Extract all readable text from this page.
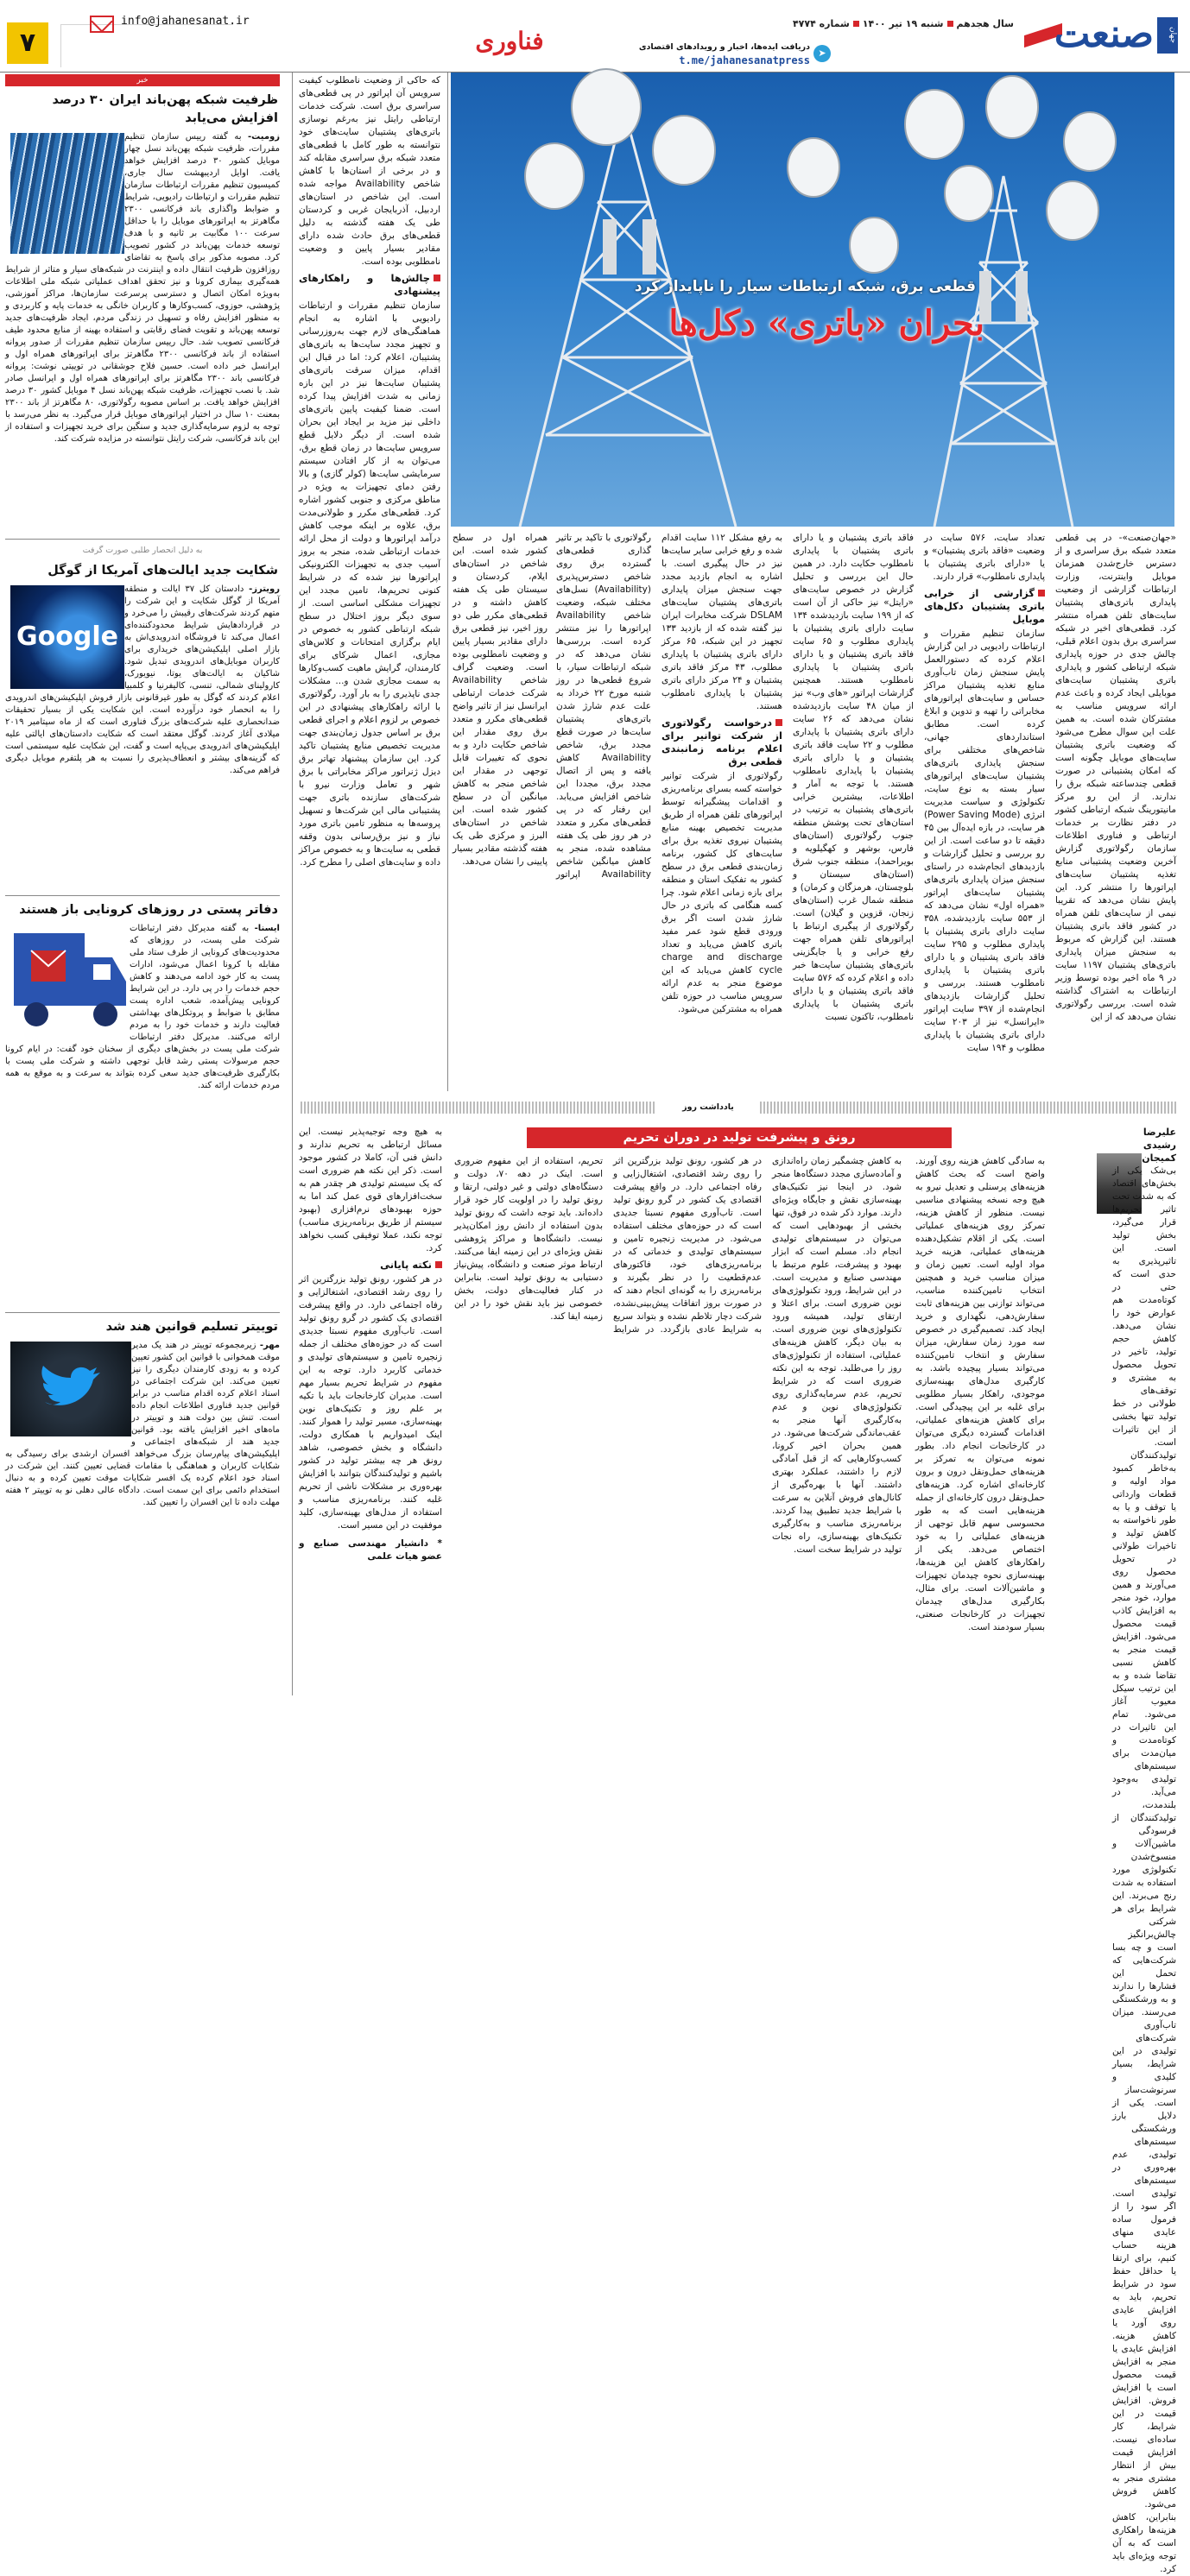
صنعت	جهان
سال هجدهمشنبه ۱۹ تیر ۱۴۰۰شماره ۴۷۷۴
➤
دریافت ایده‌ها، اخبار و رویدادهای اقتصادی
t.me/jahanesanatpress
فناوری
info@jahanesanat.ir
۷
قطعی برق، شبکه ارتباطات سیار را ناپایدار کرد
بحران «باتری» دکل‌ها

«جهان‌صنعت»- در پی قطعی متعدد شبکه برق سراسری و از دسترس خارج‌شدن همزمان موبایل واینترنت، وزارت ارتباطات گزارشی از وضعیت پایداری باتری‌های پشتیبان سایت‌های تلفن همراه منتشر کرد. قطعی‌های اخیر در شبکه سراسری برق بدون اعلام قبلی، چالش جدی در حوزه پایداری شبکه ارتباطی کشور و پایداری باتری پشتیبان سایت‌های موبایلی ایجاد کرده و باعث عدم ارائه سرویس مناسب به مشترکان شده است. به همین علت این سوال مطرح می‌شود که وضعیت باتری پشتیبان سایت‌های موبایل چگونه است که امکان پشتیبانی در صورت قطعی چندساعته شبکه برق را ندارند. از این رو مرکز مانیتورینگ شبکه ارتباطی کشور در دفتر نظارت بر خدمات ارتباطی و فناوری اطلاعات سازمان رگولاتوری گزارش آخرین وضعیت پشتیبانی منابع تغذیه پشتیبان سایت‌های اپراتورها را منتشر کرد. این پایش نشان می‌دهد که تقریبا نیمی از سایت‌های تلفن همراه در کشور فاقد باتری پشتیبان هستند. این گزارش که مربوط به سنجش میزان پایداری باتری‌های پشتیبان ۱۱۹۷ سایت در ۹ ماه اخیر بوده توسط وزیر ارتباطات به اشتراک گذاشته شده است. بررسی رگولاتوری نشان می‌دهد که از این

تعداد سایت، ۵۷۶ سایت در وضعیت «فاقد باتری پشتیبان» و یا «دارای باتری پشتیبان با پایداری نامطلوب» قرار دارند.

گزارشی از خرابی باتری پشتیبان دکل‌های موبایل

سازمان تنظیم مقررات و ارتباطات رادیویی در این گزارش اعلام کرده که دستورالعمل پایش سنجش زمان تاب‌آوری منابع تغذیه پشتیبان مراکز حساس و سایت‌های اپراتورهای مخابراتی را تهیه و تدوین و ابلاغ کرده است. مطابق استانداردهای جهانی، شاخص‌های مختلفی برای سنجش پایداری باتری‌های پشتیبان سایت‌های اپراتورهای سیار بسته به نوع سایت، تکنولوژی و سیاست مدیریت انرژی (Power Saving Mode) هر سایت، در بازه ایده‌آل بین ۴۵ دقیقه تا دو ساعت است. از این رو بررسی و تحلیل گزارشات و بازدیدهای انجام‌شده در راستای سنجش میزان پایداری باتری‌های پشتیبان سایت‌های اپراتور «همراه اول» نشان می‌دهد که از ۵۵۳ سایت بازدیدشده، ۳۵۸ سایت دارای باتری پشتیبان با پایداری مطلوب و ۲۹۵ سایت فاقد باتری پشتیبان و یا دارای باتری پشتیبان با پایداری نامطلوب هستند. بررسی و تحلیل گزارشات بازدیدهای انجام‌شده از ۳۹۷ سایت اپراتور «ایرانسل» نیز از ۲۰۳ سایت دارای باتری پشتیبان با پایداری مطلوب و ۱۹۴ سایت

فاقد باتری پشتیبان و یا دارای باتری پشتیبان با پایداری نامطلوب حکایت دارد. در همین حال این بررسی و تحلیل گزارش در خصوص سایت‌های «رایتل» نیز حاکی از آن است که از ۱۹۹ سایت بازدیدشده ۱۳۴ سایت دارای باتری پشتیبان با پایداری مطلوب و ۶۵ سایت فاقد باتری پشتیبان و یا دارای باتری پشتیبان با پایداری نامطلوب هستند. همچنین گزارشات اپراتور «های وب» نیز از میان ۴۸ سایت بازدیدشده نشان می‌دهد که ۲۶ سایت دارای باتری پشتیبان با پایداری مطلوب و ۲۲ سایت فاقد باتری پشتیبان و یا دارای باتری پشتیبان با پایداری نامطلوب هستند. با توجه به آمار و اطلاعات، بیشترین خرابی باتری‌های پشتیبان به ترتیب در استان‌های تحت پوشش منطقه جنوب رگولاتوری (استان‌های فارس، بوشهر و کهگیلویه و بویراحمد)، منطقه جنوب شرق (استان‌های سیستان و بلوچستان، هرمزگان و کرمان) و منطقه شمال غرب (استان‌های زنجان، قزوین و گیلان) است. رگولاتوری از پیگیری ارتباط با اپراتورهای تلفن همراه جهت رفع خرابی و یا جایگزینی باتری‌های پشتیبان سایت‌ها خبر داده و اعلام کرده که ۵۷۶ سایت فاقد باتری پشتیبان و یا دارای باتری پشتیبان با پایداری نامطلوب، تاکنون نسبت

به رفع مشکل ۱۱۲ سایت اقدام شده و رفع خرابی سایر سایت‌ها نیز در حال پیگیری است. با اشاره به انجام بازدید مجدد جهت سنجش میزان پایداری باتری‌های پشتیبان سایت‌های DSLAM شرکت مخابرات ایران نیز گفته شده که از بازدید ۱۳۳ تجهیز در این شبکه، ۶۵ مرکز دارای باتری پشتیبان با پایداری مطلوب، ۴۳ مرکز فاقد باتری پشتیبان و ۲۴ مرکز دارای باتری پشتیبان با پایداری نامطلوب هستند.

درخواست رگولاتوری از شرکت توانیر برای اعلام برنامه زمانبندی قطعی برق

رگولاتوری از شرکت توانیر خواسته کسه بسرای برنامه‌ریزی و اقدامات پیشگیرانه توسط اپراتورهای تلفن همراه از طریق مدیریت تخصیص بهینه منابع پشتیبان نیروی تغذیه برق برای سایت‌های کل کشور، برنامه زمان‌بندی قطعی برق در سطح کشور به تفکیک استان و منطقه برای بازه زمانی اعلام شود. چرا کسه هنگامی که باتری در حال شارژ شدن است اگر برق ورودی قطع شود عمر مفید باتری کاهش می‌یابد و تعداد charge and discharge cycle کاهش می‌یابد که این موضوع منجر به عدم ارائه سرویس مناسب در حوزه تلفن همراه به مشترکین می‌شود.

رگولاتوری با تاکید بر تاثیر گذاری قطعی‌های گسترده برق روی شاخص دسترس‌پذیری (Availability) نسل‌های مختلف شبکه، وضعیت شاخص Availability اپراتورها را نیز منتشر کرده است. بررسی‌ها نشان می‌دهد که در شبکه ارتباطات سیار، با شروع قطعی‌ها در روز شنبه مورخ ۲۲ خرداد به علت عدم شارژ شدن باتری‌های پشتیبان سایت‌ها در صورت قطع مجدد برق، شاخص Availability کاهش یافته و پس از اتصال مجدد برق، مجددا این شاخص افزایش می‌یابد. این رفتار که در پی قطعی‌های مکرر و متعدد در هر روز طی یک هفته مشاهده شده، منجر به کاهش میانگین شاخص Availability اپراتور همراه اول در سطح کشور شده است. این شاخص در استان‌های ایلام، کردستان و سیستان طی یک هفته کاهش داشته و در قطعی‌های مکرر طی دو روز اخیر، نیز قطعی برق دارای مقادیر بسیار پایین و وضعیت نامطلوبی بوده است. وضعیت گراف شاخص Availability شرکت خدمات ارتباطی ایرانسل نیز از تاثیر واضح قطعی‌های مکرر و متعدد برق روی مقدار این شاخص حکایت دارد و به نحوی که تغییرات قابل توجهی در مقدار این شاخص منجر به کاهش میانگین آن در سطح کشور شده است. این شاخص در استان‌های البرز و مرکزی طی یک هفته گذشته مقادیر بسیار پایینی را نشان می‌دهد.

که حاکی از وضعیت نامطلوب کیفیت سرویس آن اپراتور در پی قطعی‌های سراسری برق است. شرکت خدمات ارتباطی رایتل نیز به‌رغم نوسازی باتری‌های پشتیبان سایت‌های خود نتوانسته به طور کامل با قطعی‌های متعدد شبکه برق سراسری مقابله کند و در برخی از استان‌ها با کاهش شاخص Availability مواجه شده است. این شاخص در استان‌های اردبیل، آذربایجان غربی و کردستان طی یک هفته گذشته به دلیل قطعی‌های برق حادث شده دارای مقادیر بسیار پایین و وضعیت نامطلوبی بوده است.

چالش‌ها و راهکارهای پیشنهادی

سازمان تنظیم مقررات و ارتباطات رادیویی با اشاره به انجام هماهنگی‌های لازم جهت به‌روزرسانی و تجهیز مجدد سایت‌ها به باتری‌های پشتیبان، اعلام کرد: اما در قبال این اقدام، میزان سرقت باتری‌های پشتیبان سایت‌ها نیز در این بازه زمانی به شدت افزایش پیدا کرده است. ضمنا کیفیت پایین باتری‌های داخلی نیز مزید بر ایجاد این بحران شده است. از دیگر دلایل قطع سرویس سایت‌ها در زمان قطع برق، می‌توان به از کار افتادن سیستم سرمایشی سایت‌ها (کولر گازی) و بالا رفتن دمای تجهیزات به ویژه در مناطق مرکزی و جنوبی کشور اشاره کرد. قطعی‌های مکرر و طولانی‌مدت برق، علاوه بر اینکه موجب کاهش درآمد اپراتورها و دولت از محل ارائه خدمات ارتباطی شده، منجر به بروز آسیب جدی به تجهیزات الکترونیکی اپراتورها نیز شده که در شرایط کنونی تحریم‌ها، تامین مجدد این تجهیزات مشکلی اساسی است. از سوی دیگر بروز اختلال در سطح شبکه ارتباطی کشور به خصوص در ایام برگزاری امتحانات و کلاس‌های مجازی، اعمال شرکای برای کارمندان، گرایش ماهیت کسب‌وکارها به سمت مجازی شدن و... مشکلات جدی ناپذیری را به بار آورد. رگولاتوری با ارائه راهکارهای پیشنهادی در این خصوص بر لزوم اعلام و اجرای قطعی برق بر اساس جدول زمان‌بندی جهت مدیریت تخصیص منابع پشتیبان تاکید کرد. این سازمان پیشنهاد تهاتر برق دیزل ژنراتور مراکز مخابراتی با برق شهر و تعامل وزارت نیرو با شرکت‌های سازنده باتری جهت پشتیبانی مالی این شرکت‌ها و تسهیل پروسه‌ها به منظور تامین باتری مورد نیاز و نیز برق‌رسانی بدون وقفه قطعی به سایت‌ها و به خصوص مراکز داده و سایت‌های اصلی را مطرح کرد.

خبر
ظرفیت شبکه پهن‌باند ایران ۳۰ درصد افزایش می‌یابد
زومیت- به گفته رییس سازمان تنظیم مقررات، ظرفیت شبکه پهن‌باند نسل چهار موبایل کشور ۳۰ درصد افزایش خواهد یافت. اوایل اردیبهشت سال جاری، کمیسیون تنظیم مقررات ارتباطات سازمان تنظیم مقررات و ارتباطات رادیویی، شرایط و ضوابط واگذاری باند فرکانسی ۲۳۰۰ مگاهرتز به اپراتورهای موبایل را با حداقل سرعت ۱۰۰ مگابیت بر ثانیه و با هدف توسعه خدمات پهن‌باند در کشور تصویب کرد. مصوبه مذکور برای پاسخ به تقاضای روزافزون ظرفیت انتقال داده و اینترنت در شبکه‌های سیار و متاثر از شرایط همه‌گیری بیماری کرونا و نیز تحقق اهداف عملیاتی شبکه ملی اطلاعات به‌ویژه امکان اتصال و دسترسی پرسرعت سازمان‌ها، مراکز آموزشی، پژوهشی، حوزوی، کسب‌وکارها و کاربران خانگی به خدمات پایه و کاربردی و به منظور افزایش رفاه و تسهیل در زندگی مردم، ایجاد ظرفیت‌های جدید توسعه پهن‌باند و تقویت فضای رقابتی و استفاده بهینه از منابع محدود طیف فرکانسی تصویب شد. حال رییس سازمان تنظیم مقررات از صدور پروانه استفاده از باند فرکانسی ۲۳۰۰ مگاهرتز برای اپراتورهای همراه اول و ایرانسل خبر داده است. حسین فلاح جوشقانی در توییتی نوشت: پروانه فرکانسی باند ۲۳۰۰ مگاهرتز برای اپراتورهای همراه اول و ایرانسل صادر شد. با نصب تجهیزات، ظرفیت شبکه پهن‌باند نسل ۴ موبایل کشور ۳۰ درصد افزایش خواهد یافت. بر اساس مصوبه رگولاتوری، ۸۰ مگاهرتز از باند ۲۳۰۰ بمعنت ۱۰ سال در اختیار اپراتورهای موبایل قرار می‌گیرد. به نظر می‌رسد با توجه به لزوم سرمایه‌گذاری جدید و سنگین برای خرید تجهیزات و استفاده از این باند فرکانسی، شرکت رایتل نتوانسته در مزایده شرکت کند.
به دلیل انحصار طلبی صورت گرفت
شکایت جدید ایالت‌های آمریکا از گوگل
Google
رویترز- دادستان کل ۳۷ ایالت و منطقه آمریکا از گوگل شکایت و این شرکت را متهم کردند شرکت‌های رقیبش را می‌خرد و در قراردادهایش شرایط محدودکننده‌ای اعمال می‌کند تا فروشگاه اندرویدی‌اش به بازار اصلی اپلیکیشن‌های خریداری برای کاربران موبایل‌های اندرویدی تبدیل شود. شاکیان به ایالت‌های یوتا، نیویورک، کارولینای شمالی، تنسی، کالیفرنیا و کلمبیا اعلام کردند که گوگل به طور غیرقانونی بازار فروش اپلیکیشن‌های اندرویدی را به انحصار خود درآورده است. این شکایت یکی از بسیار تحقیقات ضدانحصاری علیه شرکت‌های بزرگ فناوری است که از ماه سپتامبر ۲۰۱۹ میلادی آغاز کردند. گوگل معتقد است که شکایت دادستان‌های ایالتی علیه اپلیکیشن‌های اندرویدی بی‌پایه است و گفت، این شکایت علیه سیستمی است که گزینه‌های بیشتر و انعطاف‌پذیری را نسبت به هر پلتفرم موبایل دیگری فراهم می‌کند.
دفاتر پستی در روزهای کرونایی باز هستند
ایسنا- به گفته مدیرکل دفتر ارتباطات شرکت ملی پست، در روزهای که محدودیت‌های کرونایی از طرف ستاد ملی مقابله با کرونا اعمال می‌شود، ادارات پست به کار خود ادامه می‌دهند و کاهش حجم خدمات را در پی دارد. در این شرایط کرونایی پیش‌آمده، شعب اداره پست مطابق با ضوابط و پروتکل‌های بهداشتی فعالیت دارند و خدمات خود را به مردم ارائه می‌کنند. مدیرکل دفتر ارتباطات شرکت ملی پست در بخش‌های دیگری از سخنان خود گفت: در ایام کرونا حجم مرسولات پستی رشد قابل توجهی داشته و شرکت ملی پست با بکارگیری ظرفیت‌های جدید سعی کرده بتواند به سرعت و به موقع به همه مردم خدمات ارائه کند.
توییتر تسلیم قوانین هند شد
مهر- زیرمجموعه توییتر در هند یک مدیر موقت همخوانی با قوانین این کشور تعیین کرده و به زودی کارمندان دیگری را نیز تعیین می‌کند. این شرکت اجتماعی در اسناد اعلام کرده اقدام مناسب در برابر قوانین جدید فناوری اطلاعات انجام داده است. تنش بین دولت هند و توییتر در ماه‌های اخیر افزایش یافته بود. قوانین جدید هند از شبکه‌های اجتماعی و اپلیکیشن‌های پیام‌رسان بزرگ می‌خواهد افسران ارشدی برای رسیدگی به شکایات کاربران و هماهنگی با مقامات قضایی تعیین کنند. این شرکت در اسناد خود اعلام کرده یک افسر شکایات موقت تعیین کرده و به دنبال استخدام دائمی برای این سمت است. دادگاه عالی دهلی نو به توییتر ۲ هفته مهلت داده تا این افسران را تعیین کند.
یادداشت روز
رونق و پیشرفت تولید در دوران تحریم	علیرضا رشیدی کمیجان

بی‌شک یکی از بخش‌های اقتصاد که به شدت تحت تاثیر تحریم‌ها قرار می‌گیرد، بخش تولید است. این تاثیرپذیری به حدی است که حتی در کوتاه‌مدت هم عوارض خود را نشان می‌دهد. کاهش حجم تولید، تاخیر در تحویل محصول به مشتری و توقف‌های طولانی در خط تولید تنها بخشی از این تاثیرات است. تولیدکنندگان به‌خاطر کمبود مواد اولیه و قطعات وارداتی یا توقف و یا به طور ناخواسته به کاهش تولید و تاخیرات طولانی در تحویل محصول روی می‌آورند و همین موارد، خود منجر به افزایش کاذب قیمت محصول می‌شود. افزایش قیمت منجر به کاهش نسبی تقاضا شده و به این ترتیب سیکل معیوب آغاز می‌شود. تمام این تاثیرات در کوتاه‌مدت و میان‌مدت برای سیستم‌های تولیدی به‌وجود می‌آید. در بلندمدت، تولیدکنندگان از فرسودگی ماشین‌آلات و منسوخ‌شدن تکنولوژی مورد استفاده به شدت رنج می‌برند. این شرایط برای هر شرکتی چالش‌برانگیز است و چه بسا شرکت‌هایی که تحمل این فشارها را ندارند و به ورشکستگی می‌رسند. میزان تاب‌آوری شرکت‌های تولیدی در این شرایط، بسیار کلیدی و سرنوشت‌ساز است. یکی از دلایل بارز ورشکستگی سیستم‌های تولیدی، عدم بهره‌وری در سیستم‌های تولیدی است. اگر سود را از فرمول ساده عایدی منهای هزینه حساب کنیم، برای ارتقا یا حداقل حفظ سود در شرایط تحریم، باید به افزایش عایدی روی آورد یا کاهش هزینه. افزایش عایدی یا منجر به افزایش قیمت محصول است یا افزایش فروش. افزایش قیمت در این شرایط، کار ساده‌ای نیست. افزایش قیمت بیش از انتظار مشتری منجر به کاهش فروش می‌شود. بنابراین، کاهش هزینه‌ها راهکاری است که به آن توجه ویژه‌ای باید کرد.

به سادگی کاهش هزینه روی آورند. واضح است که بحث کاهش هزینه‌های پرسنلی و تعدیل نیرو به هیچ وجه نسخه پیشنهادی مناسبی نیست. منظور از کاهش هزینه، تمرکز روی هزینه‌های عملیاتی است. یکی از اقلام تشکیل‌دهنده هزینه‌های عملیاتی، هزینه خرید مواد اولیه است. تعیین زمان و میزان مناسب خرید و همچنین انتخاب تامین‌کننده مناسب، می‌تواند توازنی بین هزینه‌های ثابت سفارش‌دهی، نگهداری و خرید ایجاد کند. تصمیم‌گیری در خصوص سه مورد زمان سفارش، میزان سفارش و انتخاب تامین‌کننده می‌تواند بسیار پیچیده باشد. به کارگیری مدل‌های بهینه‌سازی موجودی، راهکار بسیار مطلوبی برای غلبه بر این پیچیدگی است. برای کاهش هزینه‌های عملیاتی، اقدامات گسترده دیگری می‌توان در کارخانجات انجام داد. بطور نمونه می‌توان به تمرکز بر هزینه‌های حمل‌ونقل درون و برون کارخانه‌ای اشاره کرد. هزینه‌های حمل‌ونقل درون کارخانه‌ای از جمله هزینه‌هایی است که به طور محسوسی سهم قابل توجهی از هزینه‌های عملیاتی را به خود اختصاص می‌دهد. یکی از راهکارهای کاهش این هزینه‌ها، بهینه‌سازی نحوه چیدمان تجهیزات و ماشین‌آلات است. برای مثال، بکارگیری مدل‌های چیدمان تجهیزات در کارخانجات صنعتی، بسیار سودمند است.

به کاهش چشمگیر زمان راه‌اندازی و آماده‌سازی مجدد دستگاه‌ها منجر شود. در اینجا نیز تکنیک‌های بهینه‌سازی نقش و جایگاه ویژه‌ای دارند. موارد ذکر شده در فوق، تنها بخشی از بهبودهایی است که می‌توان در سیستم‌های تولیدی انجام داد. مسلم است که ابزار بهبود و پیشرفت، علوم مرتبط با مهندسی صنایع و مدیریت است. در این شرایط، ورود تکنولوژی‌های نوین ضروری است. برای اعتلا و ارتقای تولید، همیشه ورود تکنولوژی‌های نوین ضروری است. به بیان دیگر، کاهش هزینه‌های عملیاتی، استفاده از تکنولوژی‌های روز را می‌طلبد. توجه به این نکته ضروری است که در شرایط تحریم، عدم سرمایه‌گذاری روی تکنولوژی‌های نوین و عدم به‌کارگیری آنها منجر به عقب‌ماندگی شرکت‌ها می‌شود. در همین بحران اخیر کرونا، کسب‌وکارهایی که از قبل آمادگی لازم را داشتند، عملکرد بهتری داشتند. آنها با بهره‌گیری از کانال‌های فروش آنلاین به سرعت با شرایط جدید تطبیق پیدا کردند. برنامه‌ریزی مناسب و به‌کارگیری تکنیک‌های بهینه‌سازی، راه نجات تولید در شرایط سخت است.

در هر کشور، رونق تولید بزرگترین اثر را روی رشد اقتصادی، اشتغال‌زایی و رفاه اجتماعی دارد. در واقع پیشرفت اقتصادی یک کشور در گرو رونق تولید است. تاب‌آوری مفهوم نسبتا جدیدی است که در حوزه‌های مختلف استفاده می‌شود. در مدیریت زنجیره تامین و سیستم‌های تولیدی و خدماتی که در برنامه‌ریزی‌های خود، فاکتورهای عدم‌قطعیت را در نظر بگیرند و برنامه‌ریزی را به گونه‌ای انجام دهند که در صورت بروز اتفاقات پیش‌بینی‌نشده، شرکت دچار تلاطم نشده و بتواند سریع به شرایط عادی بازگردد. در شرایط تحریم، استفاده از این مفهوم ضروری است. اینک در دهه ۷۰، دولت و دستگاه‌های دولتی و غیر دولتی، ارتقا و رونق تولید را در اولویت کار خود قرار داده‌اند. باید توجه داشت که رونق تولید بدون استفاده از دانش روز امکان‌پذیر نیست. دانشگاه‌ها و مراکز پژوهشی نقش ویژه‌ای در این زمینه ایفا می‌کنند. ارتباط موثر صنعت و دانشگاه، پیش‌نیاز دستیابی به رونق تولید است. بنابراین در کنار فعالیت‌های دولت، بخش خصوصی نیز باید نقش خود را در این زمینه ایفا کند.

به هیچ وجه توجیه‌پذیر نیست. این مسائل ارتباطی به تحریم ندارند و دانش فنی آن، کاملا در کشور موجود است. ذکر این نکته هم ضروری است که یک سیستم تولیدی هر چقدر هم به سخت‌افزارهای قوی عمل کند اما به حوزه بهبودهای نرم‌افزاری (بهبود سیستم از طریق برنامه‌ریزی مناسب) توجه نکند، عملا توفیقی کسب نخواهد کرد.

نکته پایانی

در هر کشور، رونق تولید بزرگترین اثر را روی رشد اقتصادی، اشتغالزایی و رفاه اجتماعی دارد. در واقع پیشرفت اقتصادی یک کشور در گرو رونق تولید است. تاب‌آوری مفهوم نسبتا جدیدی است که در حوزه‌های مختلف از جمله زنجیره تامین و سیستم‌های تولیدی و خدماتی کاربرد دارد. توجه به این مفهوم در شرایط تحریم بسیار مهم است. مدیران کارخانجات باید با تکیه بر علم روز و تکنیک‌های نوین بهینه‌سازی، مسیر تولید را هموار کنند. اینک امیدواریم با همکاری دولت، دانشگاه و بخش خصوصی، شاهد رونق هر چه بیشتر تولید در کشور باشیم و تولیدکنندگان بتوانند با افزایش بهره‌وری بر مشکلات ناشی از تحریم غلبه کنند. برنامه‌ریزی مناسب و استفاده از مدل‌های بهینه‌سازی، کلید موفقیت در این مسیر است.

* دانشیار مهندسی صنایع و عضو هیات علمی
